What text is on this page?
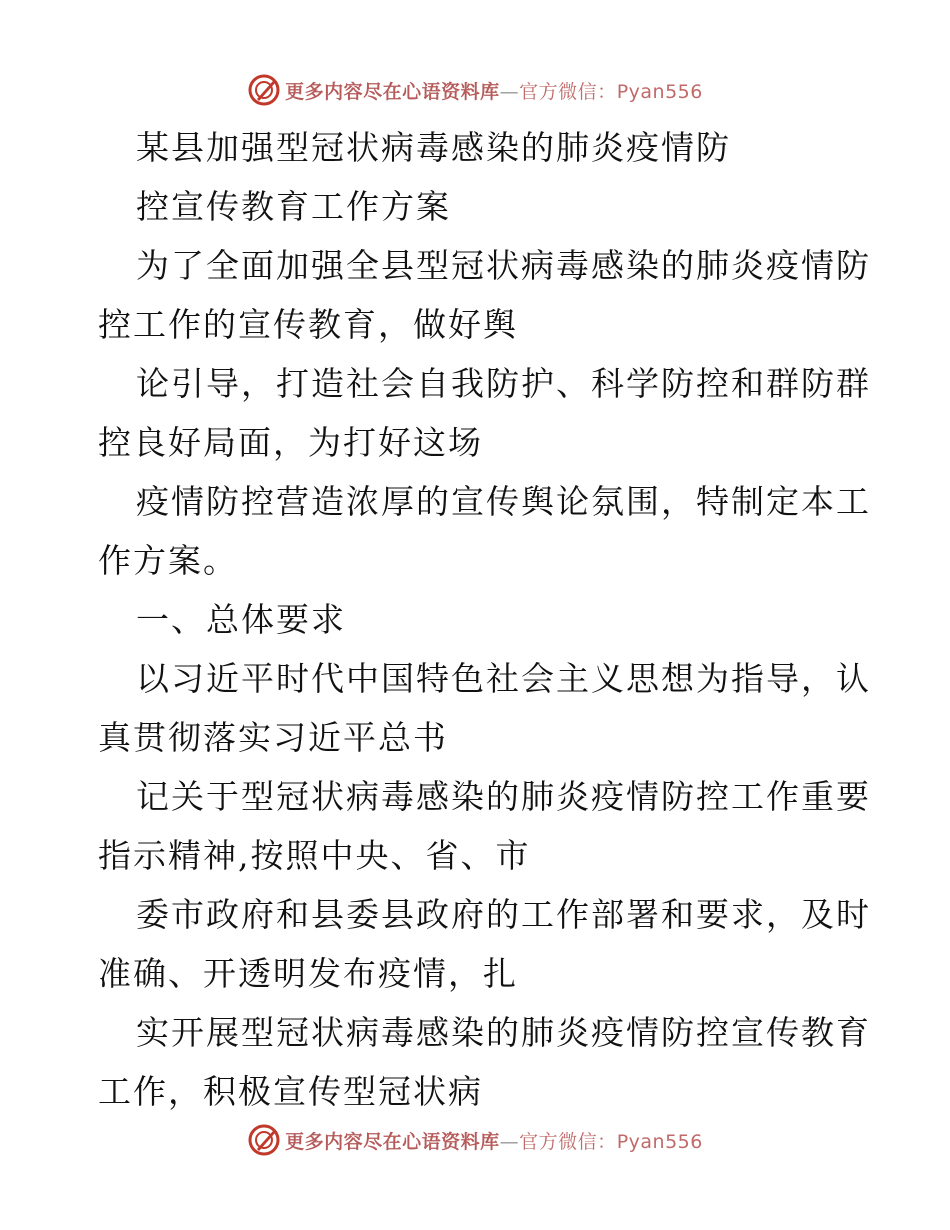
更多内容尽在心语资料库—官方微信：Pyan556
某县加强型冠状病毒感染的肺炎疫情防
控宣传教育工作方案
为了全面加强全县型冠状病毒感染的肺炎疫情防
控工作的宣传教育，做好舆
论引导，打造社会自我防护、科学防控和群防群
控良好局面，为打好这场
疫情防控营造浓厚的宣传舆论氛围，特制定本工
作方案。
一、总体要求
以习近平时代中国特色社会主义思想为指导，认
真贯彻落实习近平总书
记关于型冠状病毒感染的肺炎疫情防控工作重要
指示精神,按照中央、省、市
委市政府和县委县政府的工作部署和要求，及时
准确、开透明发布疫情，扎
实开展型冠状病毒感染的肺炎疫情防控宣传教育
工作，积极宣传型冠状病
更多内容尽在心语资料库—官方微信：Pyan556
